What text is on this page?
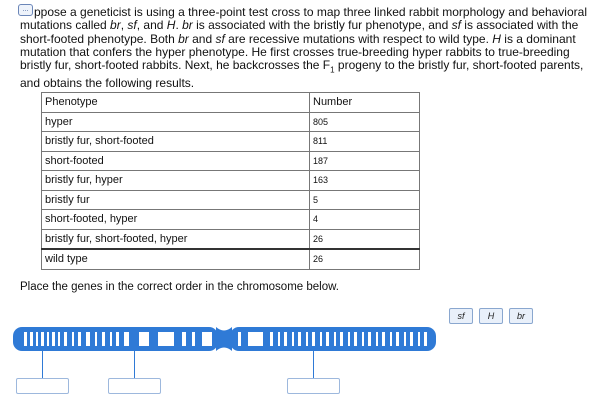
... ppose a geneticist is using a three-point test cross to map three linked rabbit morphology and behavioral mutations called br, sf, and H. br is associated with the bristly fur phenotype, and sf is associated with the short-footed phenotype. Both br and sf are recessive mutations with respect to wild type. H is a dominant mutation that confers the hyper phenotype. He first crosses true-breeding hyper rabbits to true-breeding bristly fur, short-footed rabbits. Next, he backcrosses the $F_1$ progeny to the bristly fur, short-footed parents, and obtains the following results.
Phenotype	Number
hyper	805
bristly fur, short-footed	811
short-footed	187
bristly fur, hyper	163
bristly fur	5
short-footed, hyper	4
bristly fur, short-footed, hyper	26
wild type	26
Place the genes in the correct order in the chromosome below.
sf	H	br
